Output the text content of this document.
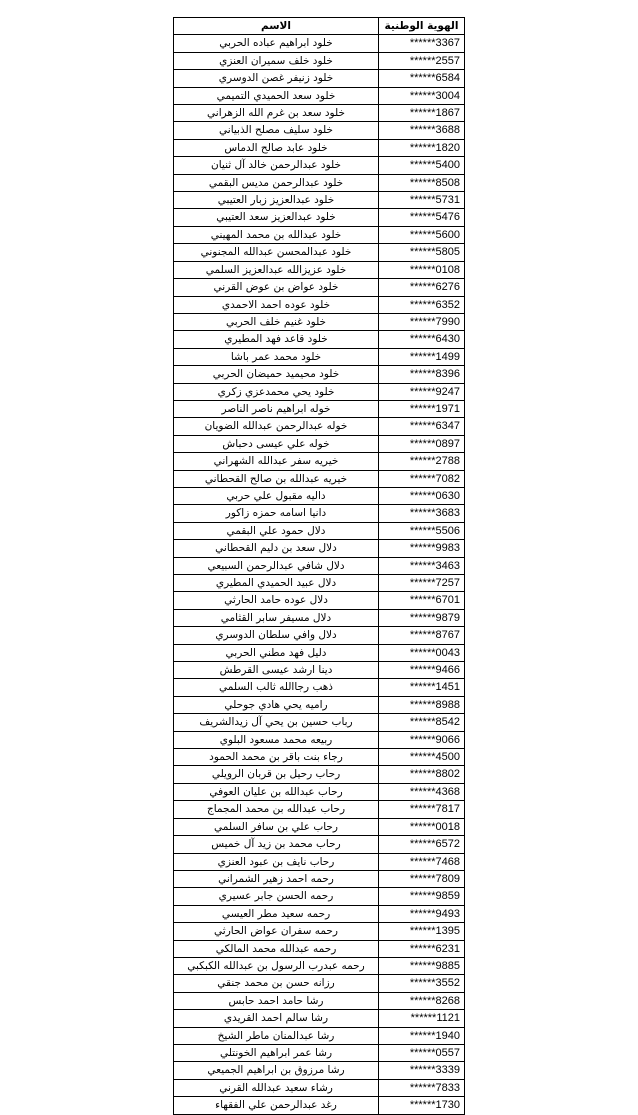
الهوية الوطنية	الاسم
******3367	خلود ابراهيم عباده الحربي
******2557	خلود خلف سميران العنزي
******6584	خلود زنيفر غصن الدوسري
******3004	خلود سعد الحميدي التميمي
******1867	خلود سعد بن غرم الله الزهراني
******3688	خلود سليف مصلح الذبياني
******1820	خلود عابد صالح الدماس
******5400	خلود عبدالرحمن خالد آل ثنيان
******8508	خلود عبدالرحمن مديس البقمي
******5731	خلود عبدالعزيز زبار العتيبي
******5476	خلود عبدالعزيز سعد العتيبي
******5600	خلود عبدالله بن محمد المهيني
******5805	خلود عبدالمحسن عبدالله المجنوني
******0108	خلود عزيزالله عبدالعزيز السلمي
******6276	خلود عواض بن عوض القرني
******6352	خلود عوده احمد الاحمدي
******7990	خلود غنيم خلف الحربي
******6430	خلود قاعد فهد المطيري
******1499	خلود محمد عمر باشا
******8396	خلود محيميد حميضان الحربي
******9247	خلود يحي محمدعزي زكري
******1971	خوله ابراهيم ناصر الناصر
******6347	خوله عبدالرحمن عبدالله الضويان
******0897	خوله علي عيسى دحباش
******2788	خيريه سفر عبدالله الشهراني
******7082	خيريه عبدالله بن صالح القحطاني
******0630	داليه مقبول علي حربي
******3683	دانيا اسامه حمزه زاكور
******5506	دلال حمود علي البقمي
******9983	دلال سعد بن دليم القحطاني
******3463	دلال شافي عبدالرحمن السبيعي
******7257	دلال عبيد الحميدي المطيري
******6701	دلال عوده حامد الحارثي
******9879	دلال مسيفر سابر القثامي
******8767	دلال وافي سلطان الدوسري
******0043	دليل فهد مطني الحربي
******9466	دينا ارشد عيسى القرطش
******1451	ذهب رجاالله ثالب السلمي
******8988	راميه يحي هادي جوحلي
******8542	رباب حسين بن يحي آل زيدالشريف
******9066	ربيعه محمد مسعود البلوي
******4500	رجاء بنت باقر بن محمد الحمود
******8802	رحاب رحيل بن قربان الرويلي
******4368	رحاب عبدالله بن عليان العوفي
******7817	رحاب عبدالله بن محمد المجماج
******0018	رحاب علي بن سافر السلمي
******6572	رحاب محمد بن زيد آل خميس
******7468	رحاب نايف بن عبود العنزي
******7809	رحمه احمد زهير الشمراني
******9859	رحمه الحسن جابر عسيري
******9493	رحمه سعيد مطر العيسي
******1395	رحمه سفران عواض الحارثي
******6231	رحمه عبدالله محمد المالكي
******9885	رحمه عبدرب الرسول بن عبدالله الكبكبي
******3552	رزانه حسن بن محمد جنقي
******8268	رشا حامد احمد حابس
******1121	رشا سالم احمد القريدي
******1940	رشا عبدالمنان ماطر الشيخ
******0557	رشا عمر ابراهيم الخونتلي
******3339	رشا مرزوق بن ابراهيم الجميعي
******7833	رشاء سعيد عبدالله القرني
******1730	رغد عبدالرحمن علي الفقهاء
